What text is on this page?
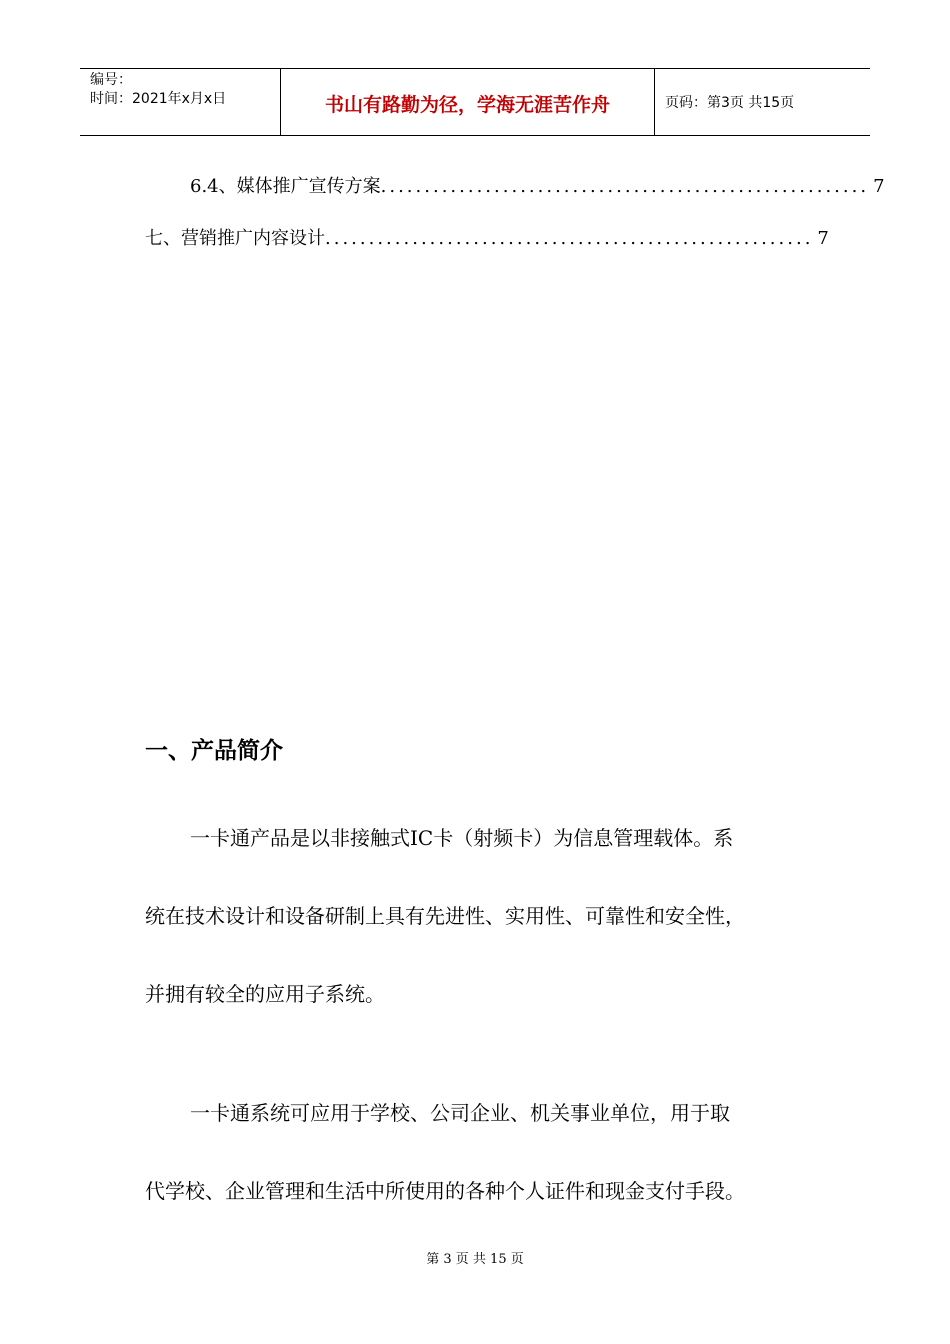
编号：
时间：2021年x月x日	书山有路勤为径，学海无涯苦作舟	页码：第3页 共15页
6.4、媒体推广宣传方案 ........................................................ 7
七、营销推广内容设计 ........................................................ 7
一、产品简介
一卡通产品是以非接触式IC卡（射频卡）为信息管理载体。系
统在技术设计和设备研制上具有先进性、实用性、可靠性和安全性，
并拥有较全的应用子系统。
一卡通系统可应用于学校、公司企业、机关事业单位，用于取
代学校、企业管理和生活中所使用的各种个人证件和现金支付手段。
第 3 页 共 15 页
